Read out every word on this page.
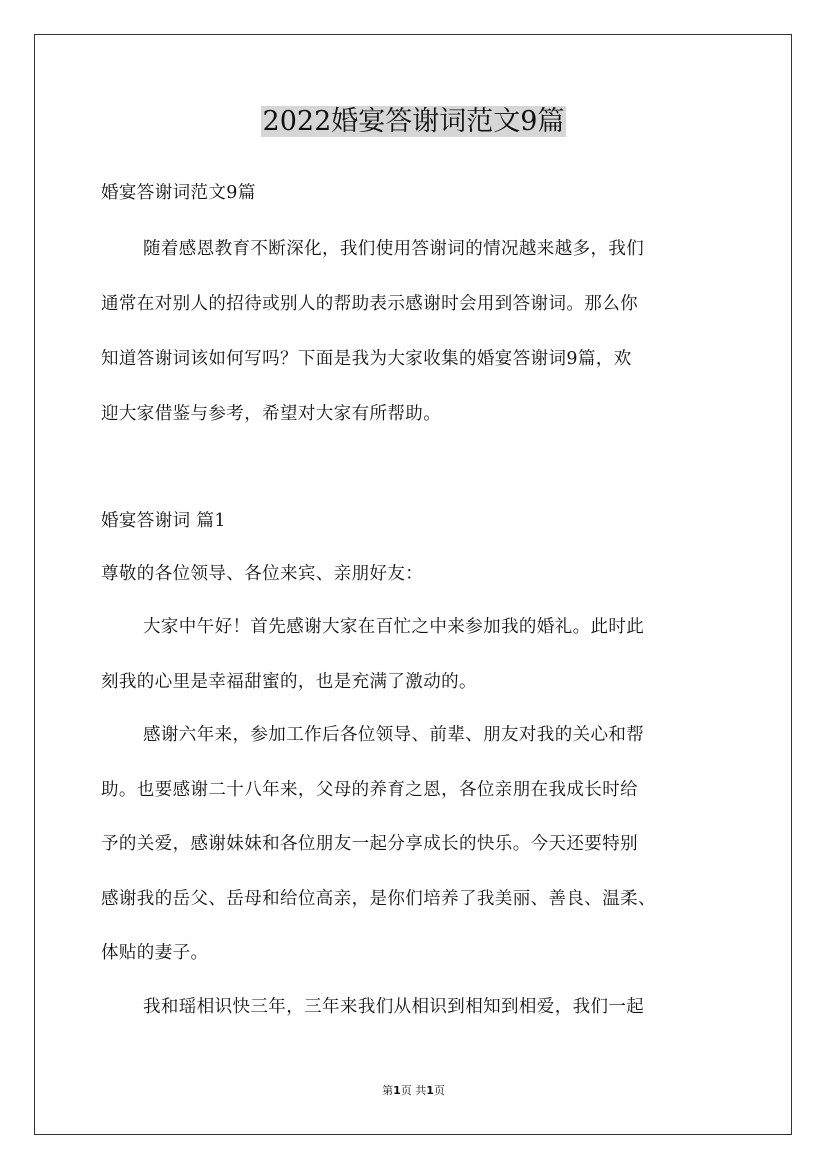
2022婚宴答谢词范文9篇
婚宴答谢词范文9篇
随着感恩教育不断深化，我们使用答谢词的情况越来越多，我们
通常在对别人的招待或别人的帮助表示感谢时会用到答谢词。那么你
知道答谢词该如何写吗？下面是我为大家收集的婚宴答谢词9篇，欢
迎大家借鉴与参考，希望对大家有所帮助。
婚宴答谢词 篇1
尊敬的各位领导、各位来宾、亲朋好友：
大家中午好！首先感谢大家在百忙之中来参加我的婚礼。此时此
刻我的心里是幸福甜蜜的，也是充满了激动的。
感谢六年来，参加工作后各位领导、前辈、朋友对我的关心和帮
助。也要感谢二十八年来，父母的养育之恩，各位亲朋在我成长时给
予的关爱，感谢妹妹和各位朋友一起分享成长的快乐。今天还要特别
感谢我的岳父、岳母和给位高亲，是你们培养了我美丽、善良、温柔、
体贴的妻子。
我和瑶相识快三年，三年来我们从相识到相知到相爱，我们一起
第1页 共1页
